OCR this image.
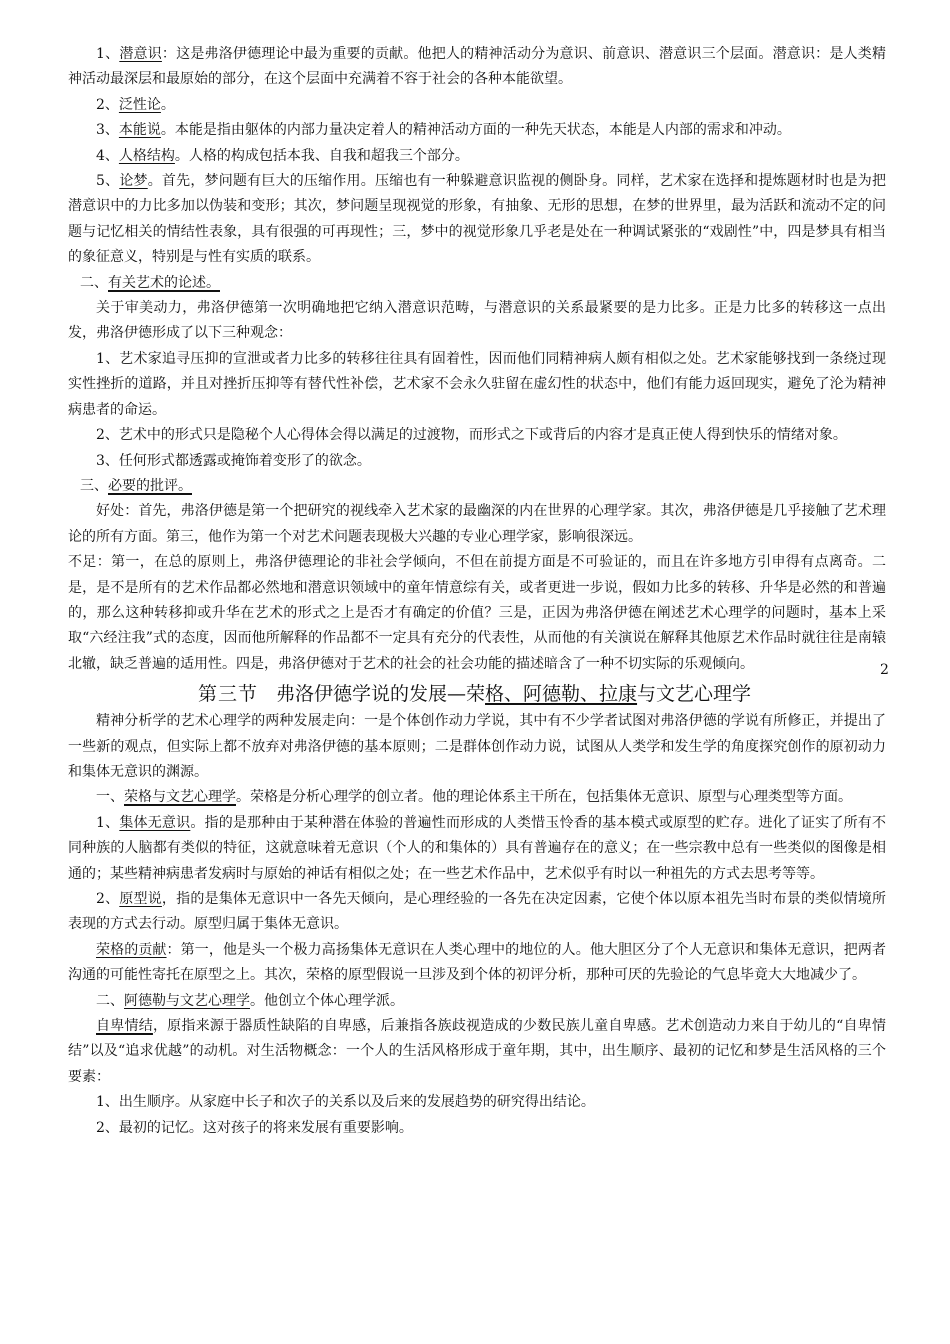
1、潜意识：这是弗洛伊德理论中最为重要的贡献。他把人的精神活动分为意识、前意识、潜意识三个层面。潜意识：是人类精神活动最深层和最原始的部分，在这个层面中充满着不容于社会的各种本能欲望。

2、泛性论。

3、本能说。本能是指由躯体的内部力量决定着人的精神活动方面的一种先天状态，本能是人内部的需求和冲动。

4、人格结构。人格的构成包括本我、自我和超我三个部分。

5、论梦。首先，梦问题有巨大的压缩作用。压缩也有一种躲避意识监视的侧卧身。同样，艺术家在选择和提炼题材时也是为把潜意识中的力比多加以伪装和变形；其次，梦问题呈现视觉的形象，有抽象、无形的思想，在梦的世界里，最为活跃和流动不定的问题与记忆相关的情结性表象，具有很强的可再现性；三，梦中的视觉形象几乎老是处在一种调试紧张的“戏剧性”中，四是梦具有相当的象征意义，特别是与性有实质的联系。

二、有关艺术的论述。

关于审美动力，弗洛伊德第一次明确地把它纳入潜意识范畴，与潜意识的关系最紧要的是力比多。正是力比多的转移这一点出发，弗洛伊德形成了以下三种观念：

1、艺术家追寻压抑的宣泄或者力比多的转移往往具有固着性，因而他们同精神病人颇有相似之处。艺术家能够找到一条绕过现实性挫折的道路，并且对挫折压抑等有替代性补偿，艺术家不会永久驻留在虚幻性的状态中，他们有能力返回现实，避免了沦为精神病患者的命运。

2、艺术中的形式只是隐秘个人心得体会得以满足的过渡物，而形式之下或背后的内容才是真正使人得到快乐的情绪对象。

3、任何形式都透露或掩饰着变形了的欲念。

三、必要的批评。

好处：首先，弗洛伊德是第一个把研究的视线牵入艺术家的最幽深的内在世界的心理学家。其次，弗洛伊德是几乎接触了艺术理论的所有方面。第三，他作为第一个对艺术问题表现极大兴趣的专业心理学家，影响很深远。

不足：第一，在总的原则上，弗洛伊德理论的非社会学倾向，不但在前提方面是不可验证的，而且在许多地方引申得有点离奇。二是，是不是所有的艺术作品都必然地和潜意识领域中的童年情意综有关，或者更进一步说，假如力比多的转移、升华是必然的和普遍的，那么这种转移抑或升华在艺术的形式之上是否才有确定的价值？三是，正因为弗洛伊德在阐述艺术心理学的问题时，基本上采取“六经注我”式的态度，因而他所解释的作品都不一定具有充分的代表性，从而他的有关演说在解释其他原艺术作品时就往往是南辕北辙，缺乏普遍的适用性。四是，弗洛伊德对于艺术的社会的社会功能的描述暗含了一种不切实际的乐观倾向。

第三节 弗洛伊德学说的发展—荣格、阿德勒、拉康与文艺心理学

精神分析学的艺术心理学的两种发展走向：一是个体创作动力学说，其中有不少学者试图对弗洛伊德的学说有所修正，并提出了一些新的观点，但实际上都不放弃对弗洛伊德的基本原则；二是群体创作动力说，试图从人类学和发生学的角度探究创作的原初动力和集体无意识的渊源。

一、荣格与文艺心理学。荣格是分析心理学的创立者。他的理论体系主干所在，包括集体无意识、原型与心理类型等方面。

1、集体无意识。指的是那种由于某种潜在体验的普遍性而形成的人类惜玉怜香的基本模式或原型的贮存。进化了证实了所有不同种族的人脑都有类似的特征，这就意味着无意识（个人的和集体的）具有普遍存在的意义；在一些宗教中总有一些类似的图像是相通的；某些精神病患者发病时与原始的神话有相似之处；在一些艺术作品中，艺术似乎有时以一种祖先的方式去思考等等。

2、原型说，指的是集体无意识中一各先天倾向，是心理经验的一各先在决定因素，它使个体以原本祖先当时布景的类似情境所表现的方式去行动。原型归属于集体无意识。

荣格的贡献：第一，他是头一个极力高扬集体无意识在人类心理中的地位的人。他大胆区分了个人无意识和集体无意识，把两者沟通的可能性寄托在原型之上。其次，荣格的原型假说一旦涉及到个体的初评分析，那种可厌的先验论的气息毕竟大大地减少了。

二、阿德勒与文艺心理学。他创立个体心理学派。

自卑情结，原指来源于器质性缺陷的自卑感，后兼指各族歧视造成的少数民族儿童自卑感。艺术创造动力来自于幼儿的“自卑情结”以及“追求优越”的动机。对生活物概念：一个人的生活风格形成于童年期，其中，出生顺序、最初的记忆和梦是生活风格的三个要素：

1、出生顺序。从家庭中长子和次子的关系以及后来的发展趋势的研究得出结论。

2、最初的记忆。这对孩子的将来发展有重要影响。

2
